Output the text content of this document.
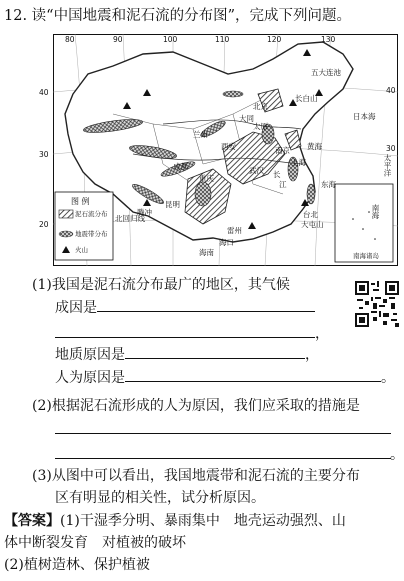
12. 读“中国地震和泥石流的分布图”，完成下列问题。
80	90	100	110	120	130
40
30
20
40
30
日本海
黄海
东海
太平洋
南海
南海诸岛
五大连池
长白山
北京
大同
太原
西安
兰州
成都
昆明
重庆
武汉
上海
南京
台北
大屯山
腾冲
北回归线
雷州
海口
海南
长
江
图 例
泥石流分布
地震带分布
火山
(1)我国是泥石流分布最广的地区，其气候
成因是
，
地质原因是	，
人为原因是	。
(2)根据泥石流形成的人为原因，我们应采取的措施是
。
(3)从图中可以看出，我国地震带和泥石流的主要分布
区有明显的相关性，试分析原因。
【答案】(1)干湿季分明、暴雨集中　地壳运动强烈、山
体中断裂发育　对植被的破坏
(2)植树造林、保护植被
